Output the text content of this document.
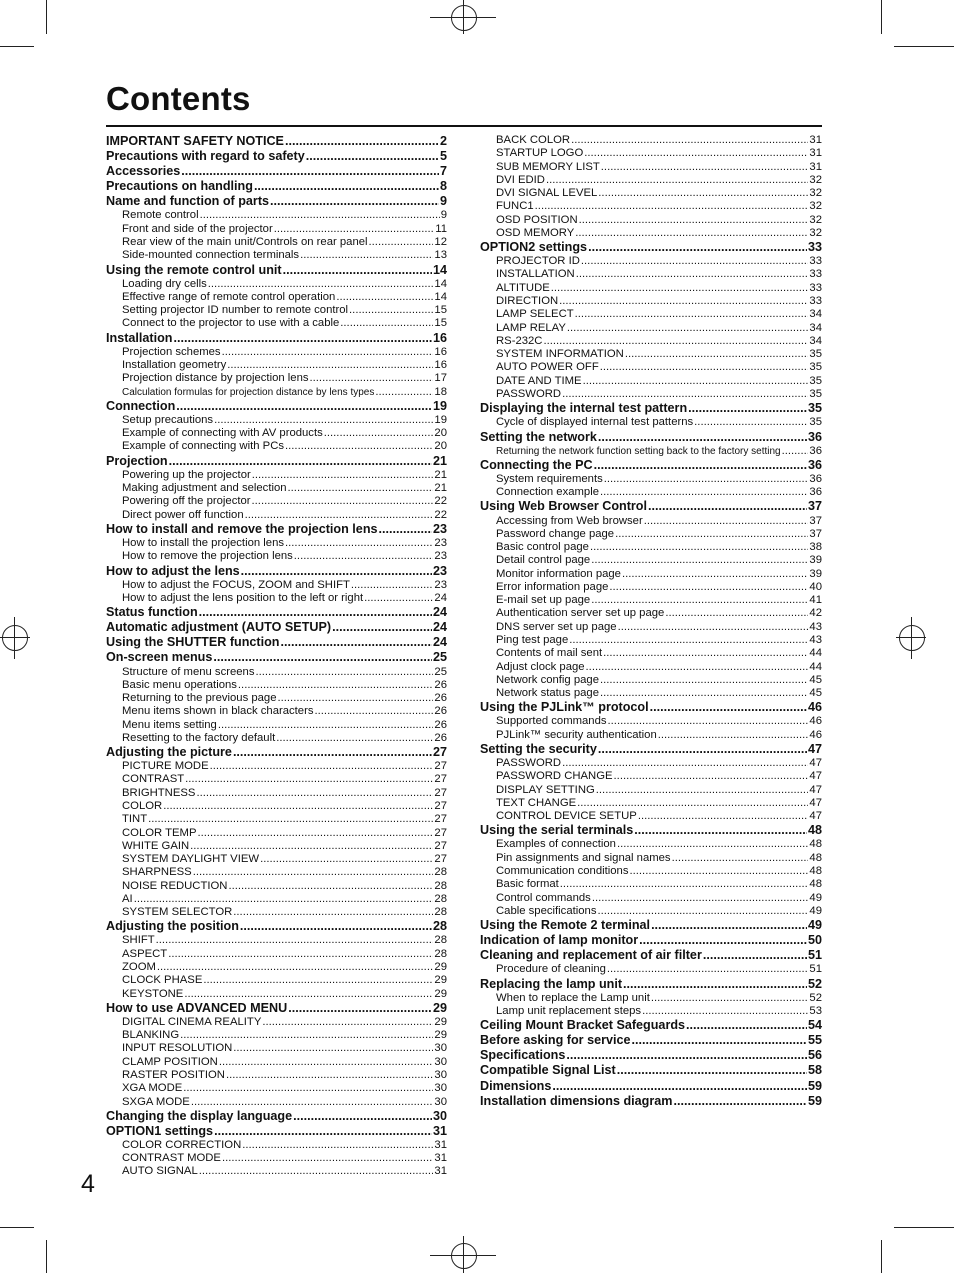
Contents
IMPORTANT SAFETY NOTICE .....	2
Precautions with regard to safety .....	5
Accessories .....	7
Precautions on handling .....	8
Name and function of parts .....	9
Remote control .....	9
Front and side of the projector .....	11
Rear view of the main unit/Controls on rear panel .....	12
Side-mounted connection terminals .....	13
Using the remote control unit .....	14
Loading dry cells .....	14
Effective range of remote control operation .....	14
Setting projector ID number to remote control .....	15
Connect to the projector to use with a cable .....	15
Installation .....	16
Projection schemes .....	16
Installation geometry .....	16
Projection distance by projection lens .....	17
Calculation formulas for projection distance by lens types .....	18
Connection .....	19
Setup precautions .....	19
Example of connecting with AV products .....	20
Example of connecting with PCs .....	20
Projection .....	21
Powering up the projector .....	21
Making adjustment and selection .....	21
Powering off the projector .....	22
Direct power off function .....	22
How to install and remove the projection lens .....	23
How to install the projection lens .....	23
How to remove the projection lens .....	23
How to adjust the lens .....	23
How to adjust the FOCUS, ZOOM and SHIFT .....	23
How to adjust the lens position to the left or right .....	24
Status function .....	24
Automatic adjustment (AUTO SETUP) .....	24
Using the SHUTTER function .....	24
On-screen menus .....	25
Structure of menu screens .....	25
Basic menu operations .....	26
Returning to the previous page .....	26
Menu items shown in black characters .....	26
Menu items setting .....	26
Resetting to the factory default .....	26
Adjusting the picture .....	27
PICTURE MODE .....	27
CONTRAST .....	27
BRIGHTNESS .....	27
COLOR .....	27
TINT .....	27
COLOR TEMP .....	27
WHITE GAIN .....	27
SYSTEM DAYLIGHT VIEW .....	27
SHARPNESS .....	28
NOISE REDUCTION .....	28
AI .....	28
SYSTEM SELECTOR .....	28
Adjusting the position .....	28
SHIFT .....	28
ASPECT .....	28
ZOOM .....	29
CLOCK PHASE .....	29
KEYSTONE .....	29
How to use ADVANCED MENU .....	29
DIGITAL CINEMA REALITY .....	29
BLANKING .....	29
INPUT RESOLUTION .....	30
CLAMP POSITION .....	30
RASTER POSITION .....	30
XGA MODE .....	30
SXGA MODE .....	30
Changing the display language .....	30
OPTION1 settings .....	31
COLOR CORRECTION .....	31
CONTRAST MODE .....	31
AUTO SIGNAL .....	31
BACK COLOR .....	31
STARTUP LOGO .....	31
SUB MEMORY LIST .....	31
DVI EDID .....	32
DVI SIGNAL LEVEL .....	32
FUNC1 .....	32
OSD POSITION .....	32
OSD MEMORY .....	32
OPTION2 settings .....	33
PROJECTOR ID .....	33
INSTALLATION .....	33
ALTITUDE .....	33
DIRECTION .....	33
LAMP SELECT .....	34
LAMP RELAY .....	34
RS-232C .....	34
SYSTEM INFORMATION .....	35
AUTO POWER OFF .....	35
DATE AND TIME .....	35
PASSWORD .....	35
Displaying the internal test pattern .....	35
Cycle of displayed internal test patterns .....	35
Setting the network .....	36
Returning the network function setting back to the factory setting .....	36
Connecting the PC .....	36
System requirements .....	36
Connection example .....	36
Using Web Browser Control .....	37
Accessing from Web browser .....	37
Password change page .....	37
Basic control page .....	38
Detail control page .....	39
Monitor information page .....	39
Error information page .....	40
E-mail set up page .....	41
Authentication server set up page .....	42
DNS server set up page .....	43
Ping test page .....	43
Contents of mail sent .....	44
Adjust clock page .....	44
Network config page .....	45
Network status page .....	45
Using the PJLink™ protocol .....	46
Supported commands .....	46
PJLink™ security authentication .....	46
Setting the security .....	47
PASSWORD .....	47
PASSWORD CHANGE .....	47
DISPLAY SETTING .....	47
TEXT CHANGE .....	47
CONTROL DEVICE SETUP .....	47
Using the serial terminals .....	48
Examples of connection .....	48
Pin assignments and signal names .....	48
Communication conditions .....	48
Basic format .....	48
Control commands .....	49
Cable specifications .....	49
Using the Remote 2 terminal .....	49
Indication of lamp monitor .....	50
Cleaning and replacement of air filter .....	51
Procedure of cleaning .....	51
Replacing the lamp unit .....	52
When to replace the Lamp unit .....	52
Lamp unit replacement steps .....	53
Ceiling Mount Bracket Safeguards .....	54
Before asking for service .....	55
Specifications .....	56
Compatible Signal List .....	58
Dimensions .....	59
Installation dimensions diagram .....	59
4
